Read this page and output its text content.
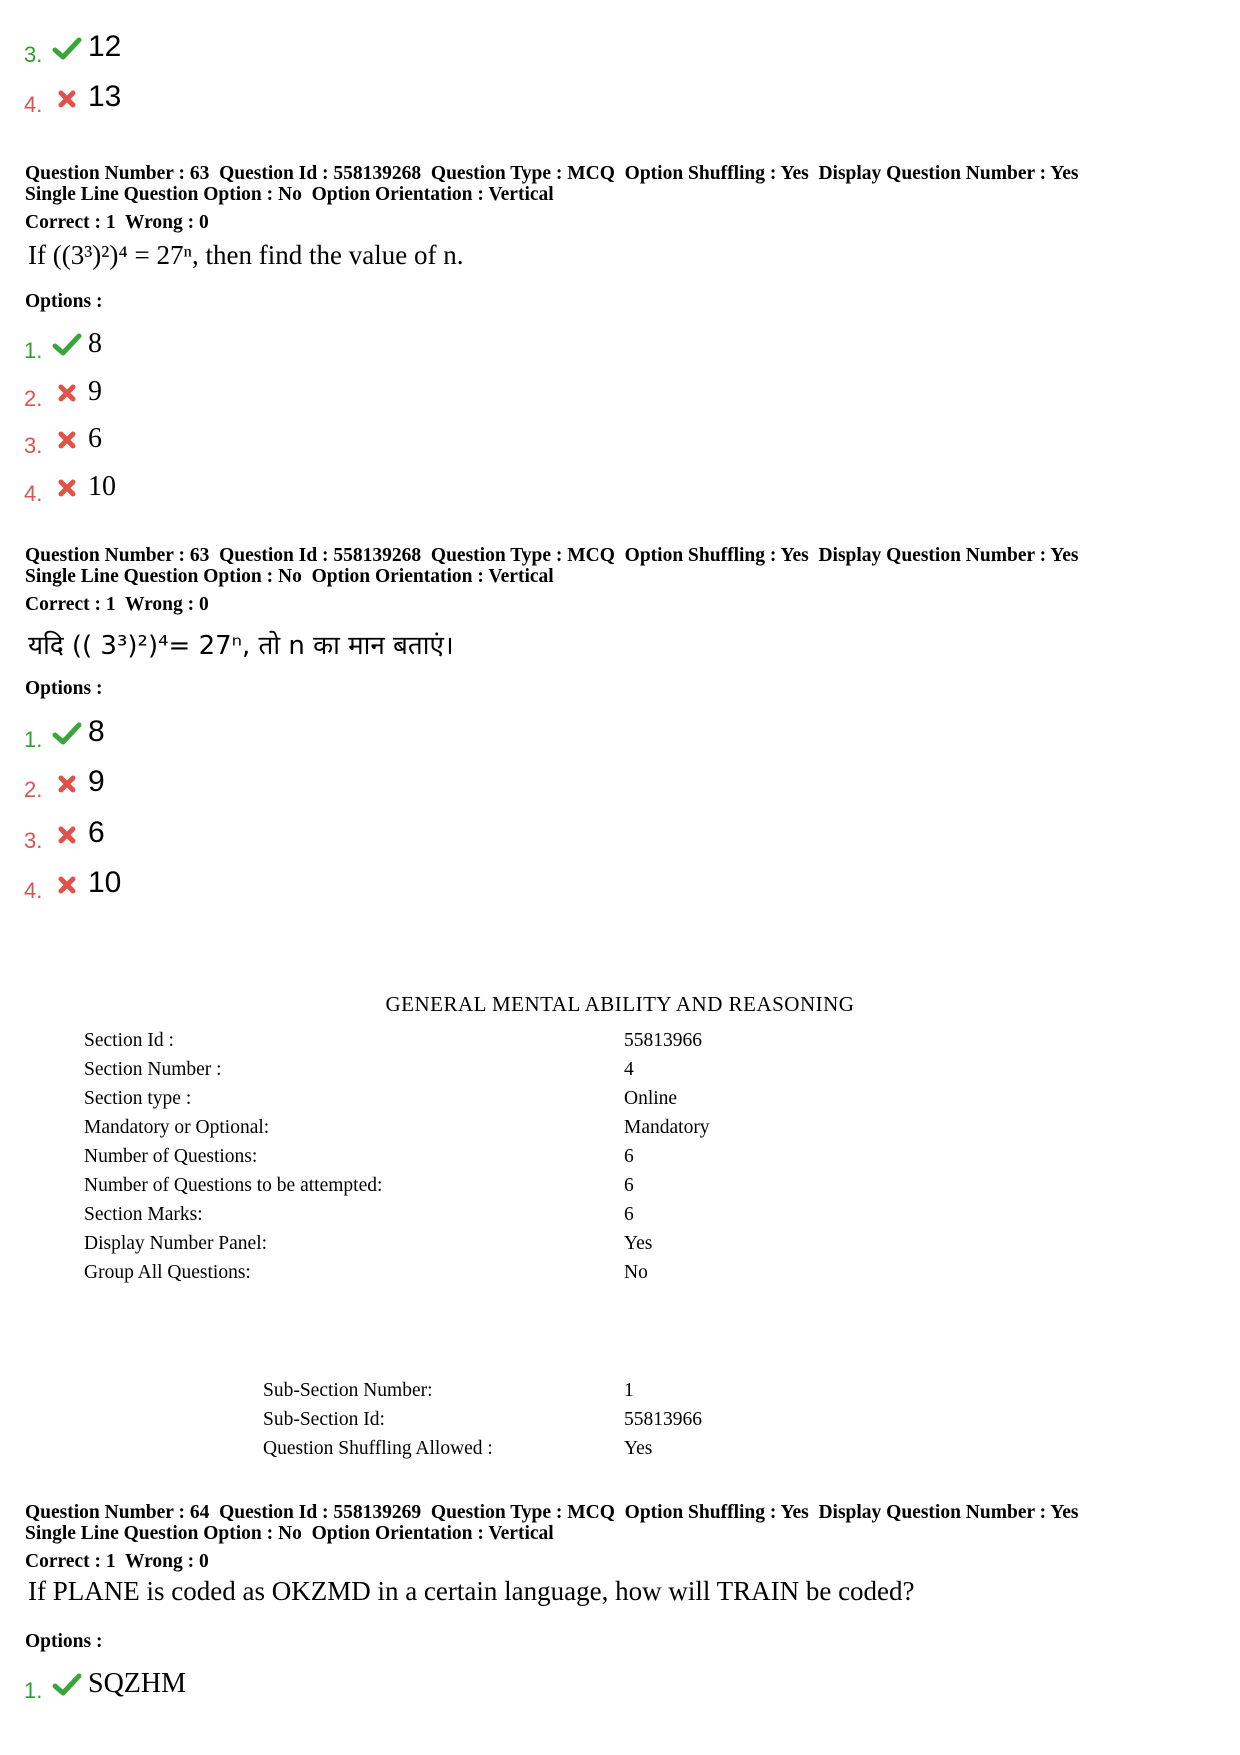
3.	12
4.	13
Question Number : 63  Question Id : 558139268  Question Type : MCQ  Option Shuffling : Yes  Display Question Number : Yes
Single Line Question Option : No  Option Orientation : Vertical
Correct : 1  Wrong : 0
If ((3³)²)⁴ = 27ⁿ, then find the value of n.
Options :
1.	8
2.	9
3.	6
4.	10
Question Number : 63  Question Id : 558139268  Question Type : MCQ  Option Shuffling : Yes  Display Question Number : Yes
Single Line Question Option : No  Option Orientation : Vertical
Correct : 1  Wrong : 0
यदि (( 3³)²)⁴= 27ⁿ, तो n का मान बताएं।
Options :
1.	8
2.	9
3.	6
4.	10
GENERAL MENTAL ABILITY AND REASONING
Section Id :	55813966
Section Number :	4
Section type :	Online
Mandatory or Optional:	Mandatory
Number of Questions:	6
Number of Questions to be attempted:	6
Section Marks:	6
Display Number Panel:	Yes
Group All Questions:	No
Sub-Section Number:	1
Sub-Section Id:	55813966
Question Shuffling Allowed :	Yes
Question Number : 64  Question Id : 558139269  Question Type : MCQ  Option Shuffling : Yes  Display Question Number : Yes
Single Line Question Option : No  Option Orientation : Vertical
Correct : 1  Wrong : 0
If PLANE is coded as OKZMD in a certain language, how will TRAIN be coded?
Options :
1.	SQZHM
